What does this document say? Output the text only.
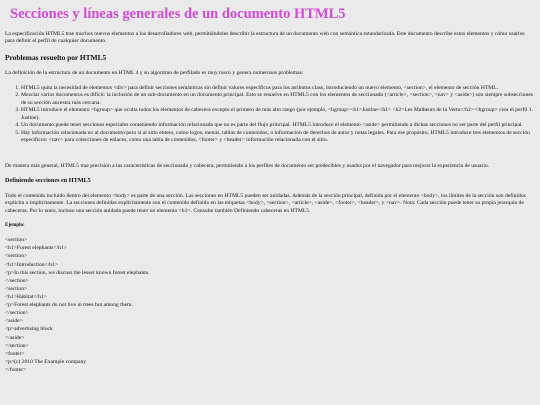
Secciones y líneas generales de un documento HTML5

La especificación HTML5 trae muchos nuevos elementos a los desarrolladores web, permitiéndoles describir la estructura de un documento web con semántica estandarizada. Este documento describe estos elementos y cómo usarlos para definir el perfil de cualquier documento.

Problemas resuelto por HTML5

La definición de la estructura de un documento en HTML 4 y su algoritmo de perfilado es muy tosco y genera numerosos problemas:

1. HTML5 quita la necesidad de elementos <div> para definir secciones semánticas sin definir valores específicos para los atributos class, introduciendo un nuevo elemento, <section>, el elemento de sección HTML.
2. Mezclar varios documentos es difícil: la inclusión de un sub-documento en un documento principal. Esto se resuelve en HTML5 con los elementos de seccionado (<article>, <section>, <nav> y <aside>) son siempre subsecciones de su sección ancestra más cercana.
3. HTML5 introduce el elemento <hgroup> que oculta todos los elementos de cabecera excepto el primero de más alto rango (por ejemplo, <hgroup><h1>Justine</h1> <h2>Les Malheurs de la Vertu</h2></hgroup> crea el perfil 1. Justine).
4. Un documento puede tener secciones especiales conteniendo información relacionada que no es parte del flujo principal. HTML5 introduce el elemento <aside> permitiendo a dichas secciones no ser parte del perfil principal.
5. Hay información relacionada no al documento pero sí al sitio entero, como logos, menús, tablas de contenidos, o información de derechos de autor y notas legales. Para ese propósito, HTML5 introduce tres elementos de sección específicos: <nav> para colecciones de enlaces, como una tabla de contenidos, <footer> y <header> información relacionada con el sitio.

De manera más general, HTML5 trae precisión a las características de seccionado y cabecera, permitiendo a los perfiles de documento ser predecibles y usados por el navegador para mejorar la experiencia de usuario.

Definiendo secciones en HTML5

Todo el contenido incluido dentro del elemento <body> es parte de una sección. Las secciones en HTML5 pueden ser anidadas. Además de la sección principal, definida por el elemento <body>, los límites de la sección son definidos explícita o implícitamente. La secciones definidas explícitamente son el contenido definido en las etiquetas <body>, <section>, <article>, <aside>, <footer>, <header>, y <nav>. Nota: Cada sección puede tener su propia jerarquía de cabeceras. Por lo tanto, incluso una sección anidada puede tener un elemento <h1>. Consulte también Definiendo cabeceras en HTML5.

Ejemplo:
<section>
<h1>Forest elephants</h1>
<section>
<h1>Introduction</h1>
<p>In this section, we discuss the lesser known forest elephants.
</section>
<section>
<h1>Habitat</h1>
<p>Forest elephants do not live in trees but among them.
</section>
<aside>
<p>advertising block
</aside>
</section>
<footer>
<p>(c) 2010 The Example company
</footer>
